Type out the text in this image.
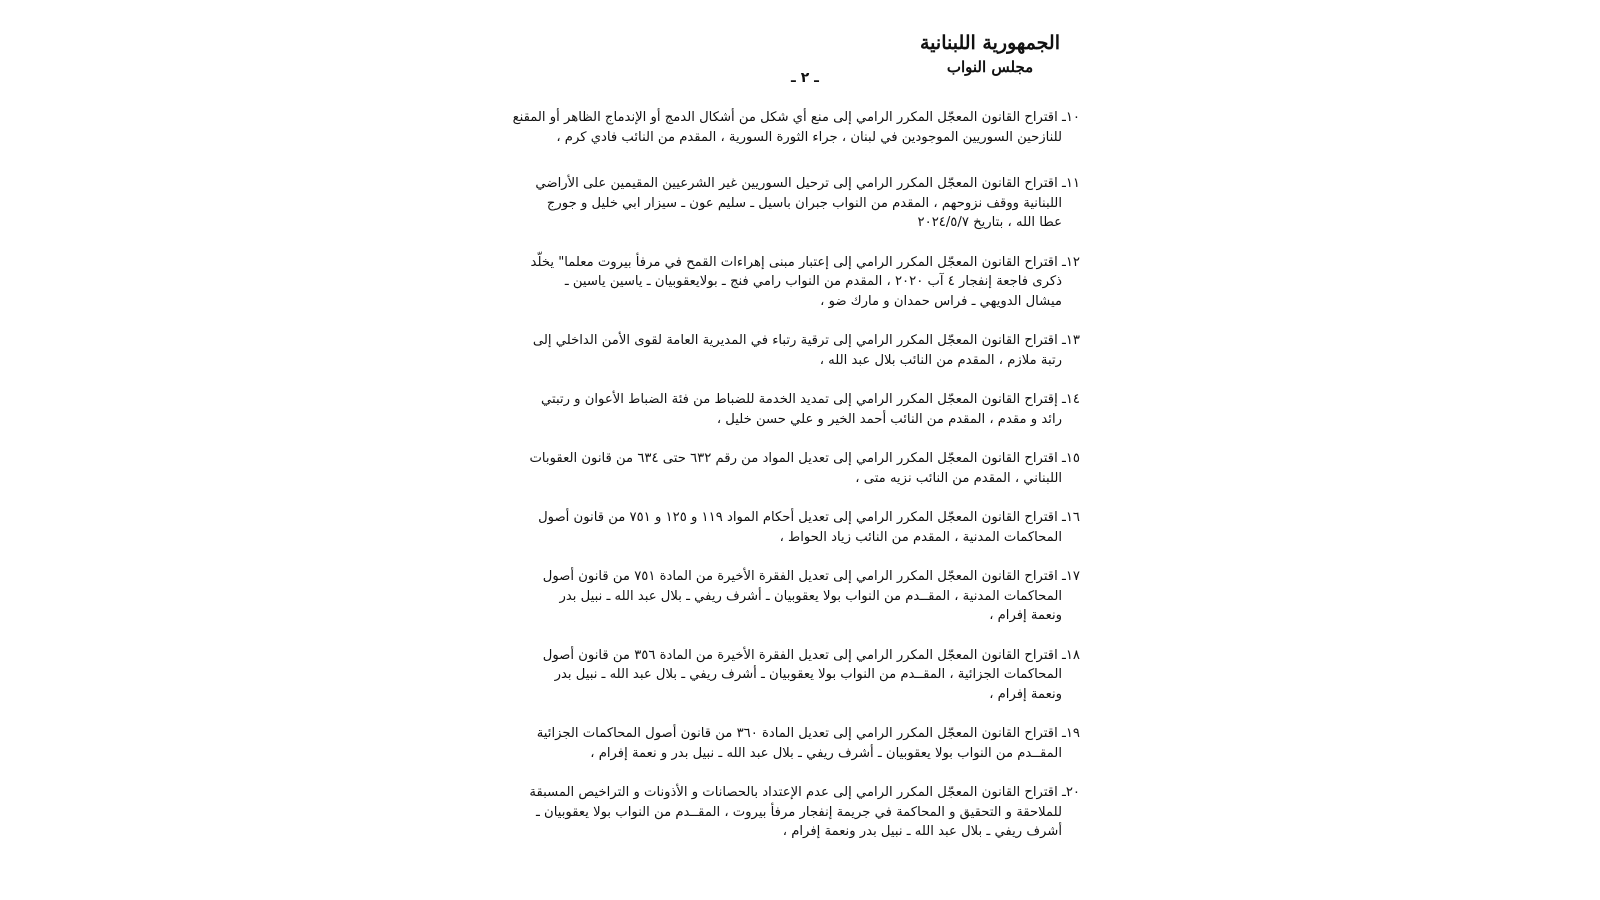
الجمهورية اللبنانية
مجلس النواب
ـ ٢ ـ

١٠ـ اقتراح القانون المعجّل المكرر الرامي إلى منع أي شكل من أشكال الدمج أو الإندماج الظاهر أو المقنع

للنازحين السوريين الموجودين في لبنان ، جراء الثورة السورية ، المقدم من النائب فادي كرم ،

١١ـ اقتراح القانون المعجّل المكرر الرامي إلى ترحيل السوريين غير الشرعيين المقيمين على الأراضي

اللبنانية ووقف نزوحهم ، المقدم من النواب جبران باسيل ـ سليم عون ـ سيزار ابي خليل و جورج

عطا الله ، بتاريخ ٢٠٢٤/٥/٧

١٢ـ اقتراح القانون المعجّل المكرر الرامي إلى إعتبار مبنى إهراءات القمح في مرفأ بيروت معلما" يخلّد

ذكرى فاجعة إنفجار ٤ آب ٢٠٢٠ ، المقدم من النواب رامي فنج ـ بولايعقوبيان ـ ياسين ياسين ـ

ميشال الدويهي ـ فراس حمدان و مارك ضو ،

١٣ـ اقتراح القانون المعجّل المكرر الرامي إلى ترقية رتباء في المديرية العامة لقوى الأمن الداخلي إلى

رتبة ملازم ، المقدم من النائب بلال عبد الله ،

١٤ـ إقتراح القانون المعجّل المكرر الرامي إلى تمديد الخدمة للضباط من فئة الضباط الأعوان و رتبتي

رائد و مقدم ، المقدم من النائب أحمد الخير و علي حسن خليل ،

١٥ـ اقتراح القانون المعجّل المكرر الرامي إلى تعديل المواد من رقم ٦٣٢ حتى ٦٣٤ من قانون العقوبات

اللبناني ، المقدم من النائب نزيه متى ،

١٦ـ اقتراح القانون المعجّل المكرر الرامي إلى تعديل أحكام المواد ١١٩ و ١٢٥ و ٧٥١ من قانون أصول

المحاكمات المدنية ، المقدم من النائب زياد الحواط ،

١٧ـ اقتراح القانون المعجّل المكرر الرامي إلى تعديل الفقرة الأخيرة من المادة ٧٥١ من قانون أصول

المحاكمات المدنية ، المقــدم من النواب بولا يعقوبيان ـ أشرف ريفي ـ بلال عبد الله ـ نبيل بدر

ونعمة إفرام ،

١٨ـ اقتراح القانون المعجّل المكرر الرامي إلى تعديل الفقرة الأخيرة من المادة ٣٥٦ من قانون أصول

المحاكمات الجزائية ، المقــدم من النواب بولا يعقوبيان ـ أشرف ريفي ـ بلال عبد الله ـ نبيل بدر

ونعمة إفرام ،

١٩ـ اقتراح القانون المعجّل المكرر الرامي إلى تعديل المادة ٣٦٠ من قانون أصول المحاكمات الجزائية

المقــدم من النواب بولا يعقوبيان ـ أشرف ريفي ـ بلال عبد الله ـ نبيل بدر و نعمة إفرام ،

٢٠ـ اقتراح القانون المعجّل المكرر الرامي إلى عدم الإعتداد بالحصانات و الأذونات و التراخيص المسبقة

للملاحقة و التحقيق و المحاكمة في جريمة إنفجار مرفأ بيروت ، المقــدم من النواب بولا يعقوبيان ـ

أشرف ريفي ـ بلال عبد الله ـ نبيل بدر ونعمة إفرام ،
